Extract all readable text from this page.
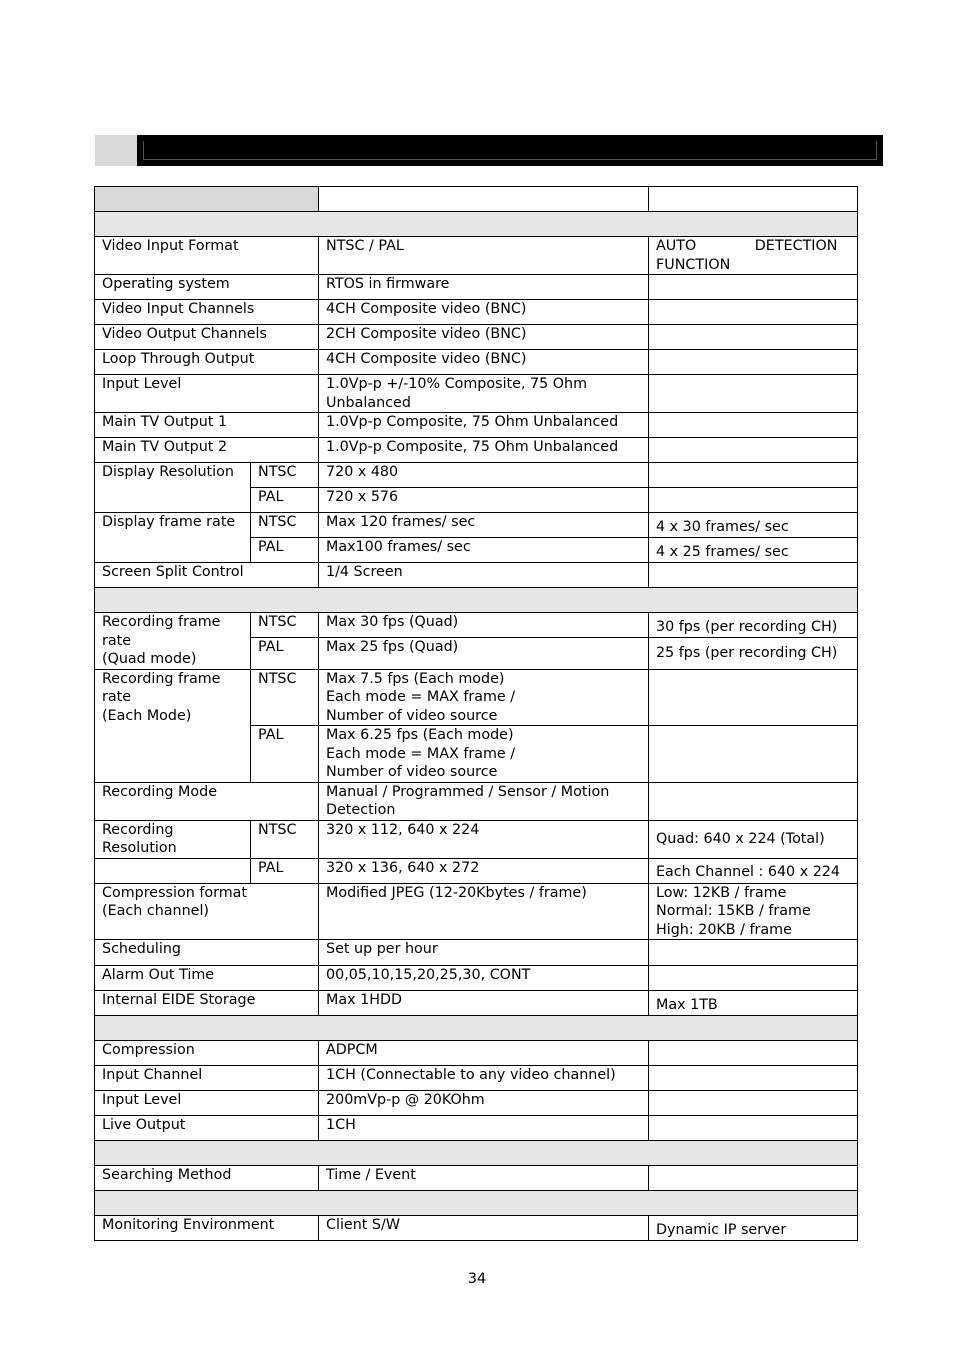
Video Input Format		NTSC / PAL	AUTO DETECTION
FUNCTION

Operating system		RTOS in firmware	
Video Input Channels		4CH Composite video (BNC)	
Video Output Channels		2CH Composite video (BNC)	
Loop Through Output		4CH Composite video (BNC)	
Input Level		1.0Vp-p +/-10% Composite, 75 Ohm
Unbalanced	
Main TV Output 1		1.0Vp-p Composite, 75 Ohm Unbalanced	
Main TV Output 2		1.0Vp-p Composite, 75 Ohm Unbalanced	
Display Resolution	NTSC	720 x 480	
	PAL	720 x 576	
Display frame rate	NTSC	Max 120 frames/ sec	4 x 30 frames/ sec
	PAL	Max100 frames/ sec	4 x 25 frames/ sec
Screen Split Control		1/4 Screen	

Recording frame
rate
(Quad mode)	NTSC	Max 30 fps (Quad)	30 fps (per recording CH)
	PAL	Max 25 fps (Quad)	25 fps (per recording CH)
Recording frame
rate
(Each Mode)	NTSC	Max 7.5 fps (Each mode)
Each mode = MAX frame /
Number of video source	
	PAL	Max 6.25 fps (Each mode)
Each mode = MAX frame /
Number of video source	
Recording Mode		Manual / Programmed / Sensor / Motion
Detection	
Recording
Resolution	NTSC	320 x 112, 640 x 224	Quad: 640 x 224 (Total)
	PAL	320 x 136, 640 x 272	Each Channel : 640 x 224
Compression format
(Each channel)		Modified JPEG (12-20Kbytes / frame)	Low: 12KB / frame
Normal: 15KB / frame
High: 20KB / frame
Scheduling		Set up per hour	
Alarm Out Time		00,05,10,15,20,25,30, CONT	
Internal EIDE Storage		Max 1HDD	Max 1TB

Compression		ADPCM	
Input Channel		1CH (Connectable to any video channel)	
Input Level		200mVp-p @ 20KOhm	
Live Output		1CH	

Searching Method		Time / Event	

Monitoring Environment		Client S/W	Dynamic IP server
34
